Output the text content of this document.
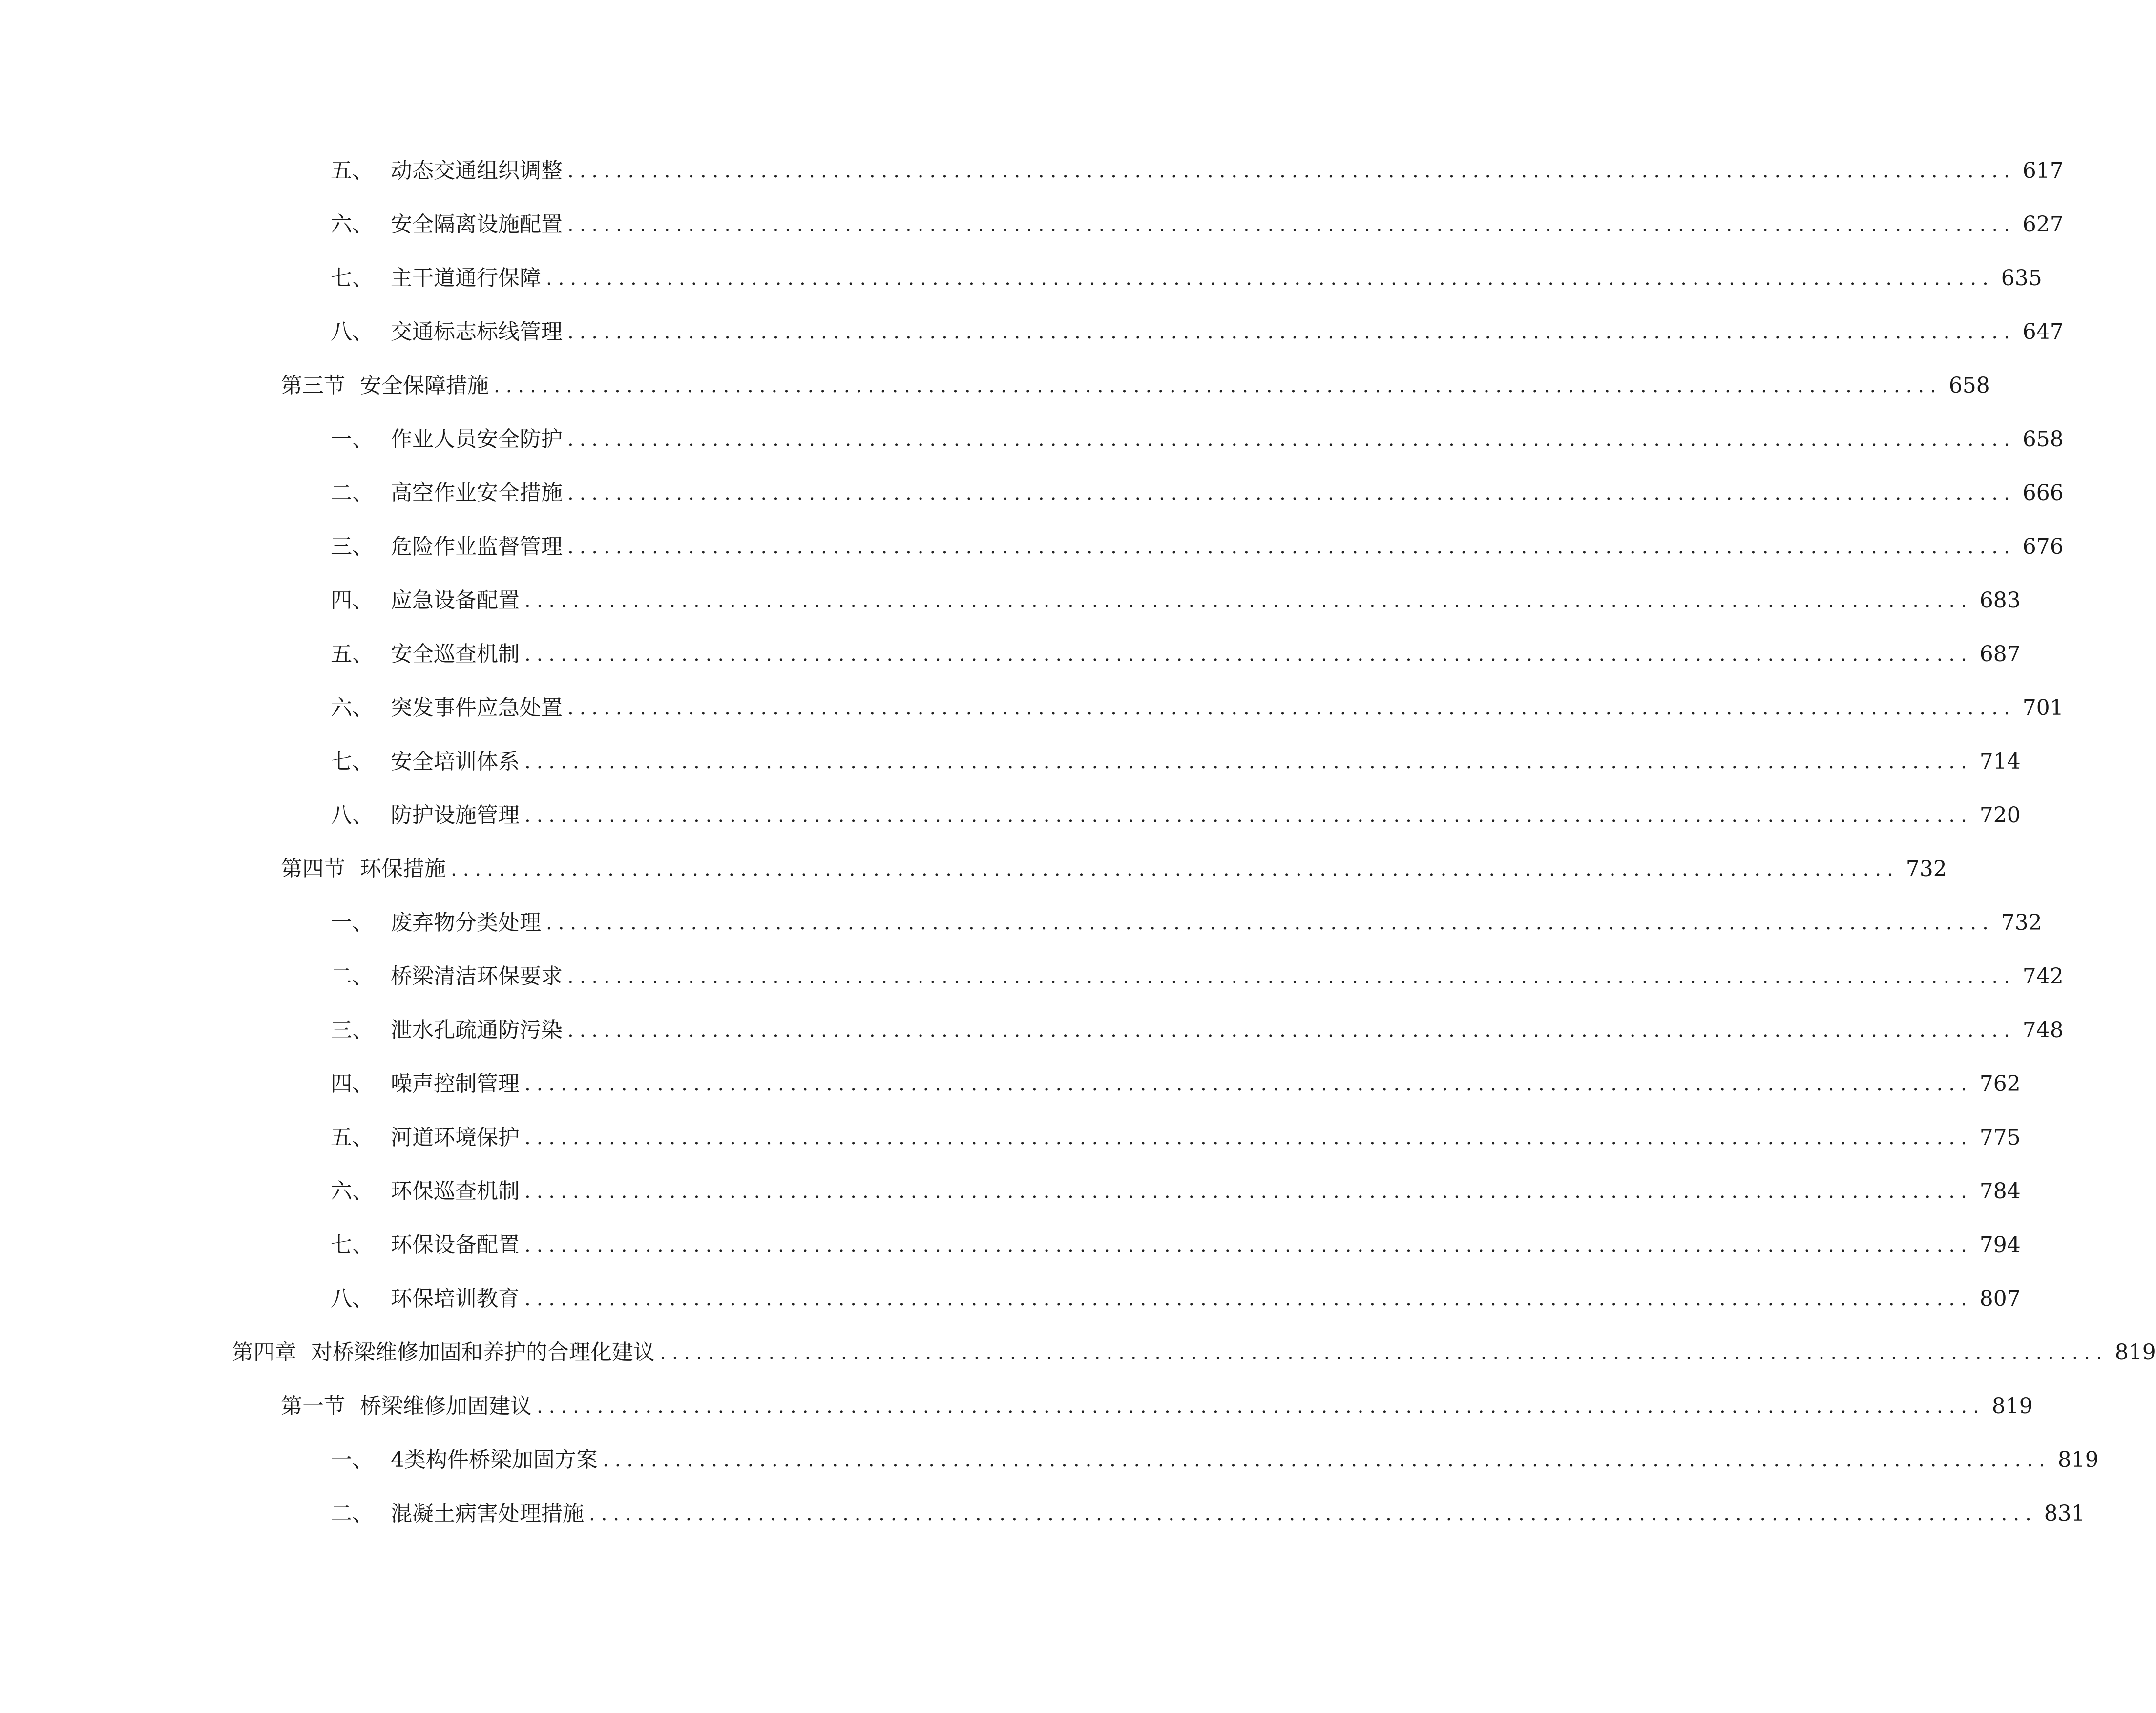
五、 动态交通组织调整 ........................................................................................................................ 617
六、 安全隔离设施配置 ........................................................................................................................ 627
七、 主干道通行保障 ........................................................................................................................ 635
八、 交通标志标线管理 ........................................................................................................................ 647
第三节 安全保障措施 ........................................................................................................................ 658
一、 作业人员安全防护 ........................................................................................................................ 658
二、 高空作业安全措施 ........................................................................................................................ 666
三、 危险作业监督管理 ........................................................................................................................ 676
四、 应急设备配置 ........................................................................................................................ 683
五、 安全巡查机制 ........................................................................................................................ 687
六、 突发事件应急处置 ........................................................................................................................ 701
七、 安全培训体系 ........................................................................................................................ 714
八、 防护设施管理 ........................................................................................................................ 720
第四节 环保措施 ........................................................................................................................ 732
一、 废弃物分类处理 ........................................................................................................................ 732
二、 桥梁清洁环保要求 ........................................................................................................................ 742
三、 泄水孔疏通防污染 ........................................................................................................................ 748
四、 噪声控制管理 ........................................................................................................................ 762
五、 河道环境保护 ........................................................................................................................ 775
六、 环保巡查机制 ........................................................................................................................ 784
七、 环保设备配置 ........................................................................................................................ 794
八、 环保培训教育 ........................................................................................................................ 807
第四章 对桥梁维修加固和养护的合理化建议 ........................................................................................................................ 819
第一节 桥梁维修加固建议 ........................................................................................................................ 819
一、 4类构件桥梁加固方案 ........................................................................................................................ 819
二、 混凝土病害处理措施 ........................................................................................................................ 831
